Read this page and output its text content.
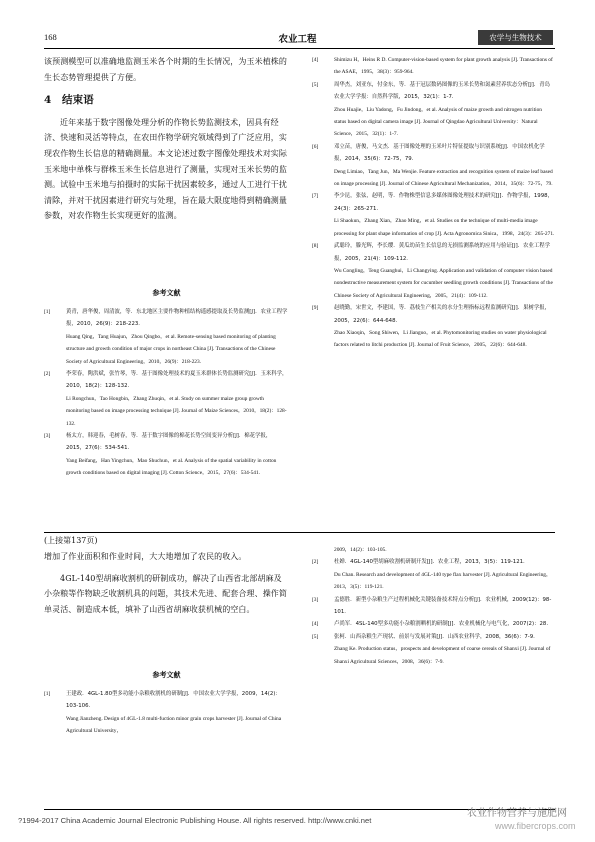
168	农业工程	农学与生物技术
该预测模型可以准确地监测玉米各个时期的生长情况，为玉米植株的生长态势管理提供了方便。
4　结束语
近年来基于数字图像处理分析的作物长势监测技术，因具有经济、快速和灵活等特点，在农田作物学研究领域得到了广泛应用，实现农作物生长信息的精确测量。本文论述过数字图像处理技术对实际玉米地中单株与群株玉米生长信息进行了测量，实现对玉米长势的监测。试验中玉米地与拍摄时的实际干扰因素较多，通过人工进行干扰清除，并对干扰因素进行研究与处理，旨在最大限度地得到精确测量参数，对农作物生长实现更好的监测。
参考文献
[1]	黄青，唐华俊，周清波，等．东北地区主要作物种植结构遥感提取及长势监测[J]．农业工程学报，2010，26(9)：218-223.
Huang Qing，Tang Huajun，Zhou Qingbo，et al. Remote-sensing based monitoring of planting structure and growth condition of major crops in northeast China [J]. Transactions of the Chinese Society of Agricultural Engineering，2010，26(9)：218-223.
[2]	李荣春，陶洪斌，张竹琴，等．基于图像处理技术的夏玉米群体长势监测研究[J]．玉米科学，2010，18(2)：128-132.
Li Rongchun，Tao Hongbin，Zhang Zhuqin，et al. Study on summer maize group growth monitoring based on image processing technique [J]. Journal of Maize Sciences，2010，18(2)：128-132.
[3]	杨太方，韩迎春，毛树春，等．基于数字图像的棉花长势空间变异分析[J]．棉花学报，2015，27(6)：534-541.
Yang Beifang，Han Yingchun，Mao Shuchun，et al. Analysis of the spatial variability in cotton growth conditions based on digital imaging [J]. Cotton Science，2015，27(6)：534-541.
[4]	Shimizu H，Heins R D. Computer-vision-based system for plant growth analysis [J]. Transactions of the ASAE，1995，38(3)：959-964.
[5]	周华杰，刘亚东，付金东，等．基于冠层数码图像的玉米长势和氮素营养状态分析[J]．青岛农业大学学报：自然科学版，2015，32(1)：1-7.
Zhou Huajie，Liu Yadong，Fu Jindong，et al. Analysis of maize growth and nitrogen nutrition status based on digital camera image [J]. Journal of Qingdao Agricultural University：Natural Science，2015，32(1)：1-7.
[6]	邓立苗，唐俊，马文杰．基于图像处理的玉米叶片特征提取与识别系统[J]．中国农机化学报，2014，35(6)：72-75，79.
Deng Limiao，Tang Jun，Ma Wenjie. Feature extraction and recognition system of maize leaf based on image processing [J]. Journal of Chinese Agricultural Mechanization，2014，35(6)：72-75，79.
[7]	李少昆，张弦，赵明，等．作物株型信息多媒体图像处理技术的研究[J]．作物学报，1998，24(3)：265-271.
Li Shaokun，Zhang Xian，Zhao Ming，et al. Studies on the technique of multi-media image processing for plant shape information of crop [J]. Acta Agronomica Sinica，1998，24(3)：265-271.
[8]	武聪玲，滕光辉，李长缨．黄瓜幼苗生长信息的无损监测系统的应用与验证[J]．农业工程学报，2005，21(4)：109-112.
Wu Congling，Teng Guanghui，Li Changying. Application and validation of computer vision based nondestructive measurement system for cucumber seedling growth conditions [J]. Transactions of the Chinese Society of Agricultural Engineering，2005，21(4)：109-112.
[9]	赵晓勤，宋世文，李建国，等．荔枝生产相关的水分生理指标远程监测研究[J]．果树学报，2005，22(6)：644-648.
Zhao Xiaoqin，Song Shiwen，Li Jianguo，et al. Phytomonitoring studies on water physiological factors related to litchi production [J]. Journal of Fruit Science，2005，22(6)：644-648.
(上接第137页)
增加了作业面积和作业时间，大大地增加了农民的收入。
4GL-140型胡麻收割机的研制成功，解决了山西省北部胡麻及小杂粮等作物缺乏收割机具的问题，其技术先进、配套合理、操作简单灵活、制造成本低，填补了山西省胡麻收获机械的空白。
参考文献
[1]	王建政．4GL-1.80型多功能小杂粮收割机的研制[J]．中国农业大学学报，2009，14(2)：103-106.
Wang Jianzheng. Design of 4GL-1.8 multi-fuction minor grain crops harvester [J]. Journal of China Agricultural University，
2009，14(2)：103-105.
[2]	杜婵．4GL-140型胡麻收割机研制开发[J]．农业工程，2013，3(5)：119-121.
Du Chan. Research and development of 4GL-140 type flax harvester [J]. Agricultural Engineering，2013，3(5)：119-121.
[3]	孟德胜．新型小杂粮生产过程机械化关键装备技术特点分析[J]．农业机械，2009(12)：98-101.
[4]	卢尚军．4SL-140型多功能小杂粮割晒机的研制[J]．农业机械化与电气化，2007(2)：28.
[5]	张柯．山西杂粮生产现状、前景与发展对策[J]．山西农业科学，2008，36(6)：7-9.
Zhang Ke. Production status，prospects and development of coarse cereals of Shanxi [J]. Journal of Shanxi Agricultural Sciences，2008，36(6)：7-9.
?1994-2017 China Academic Journal Electronic Publishing House. All rights reserved. http://www.cnki.net
农业作物营养与施肥网
www.fibercrops.com
